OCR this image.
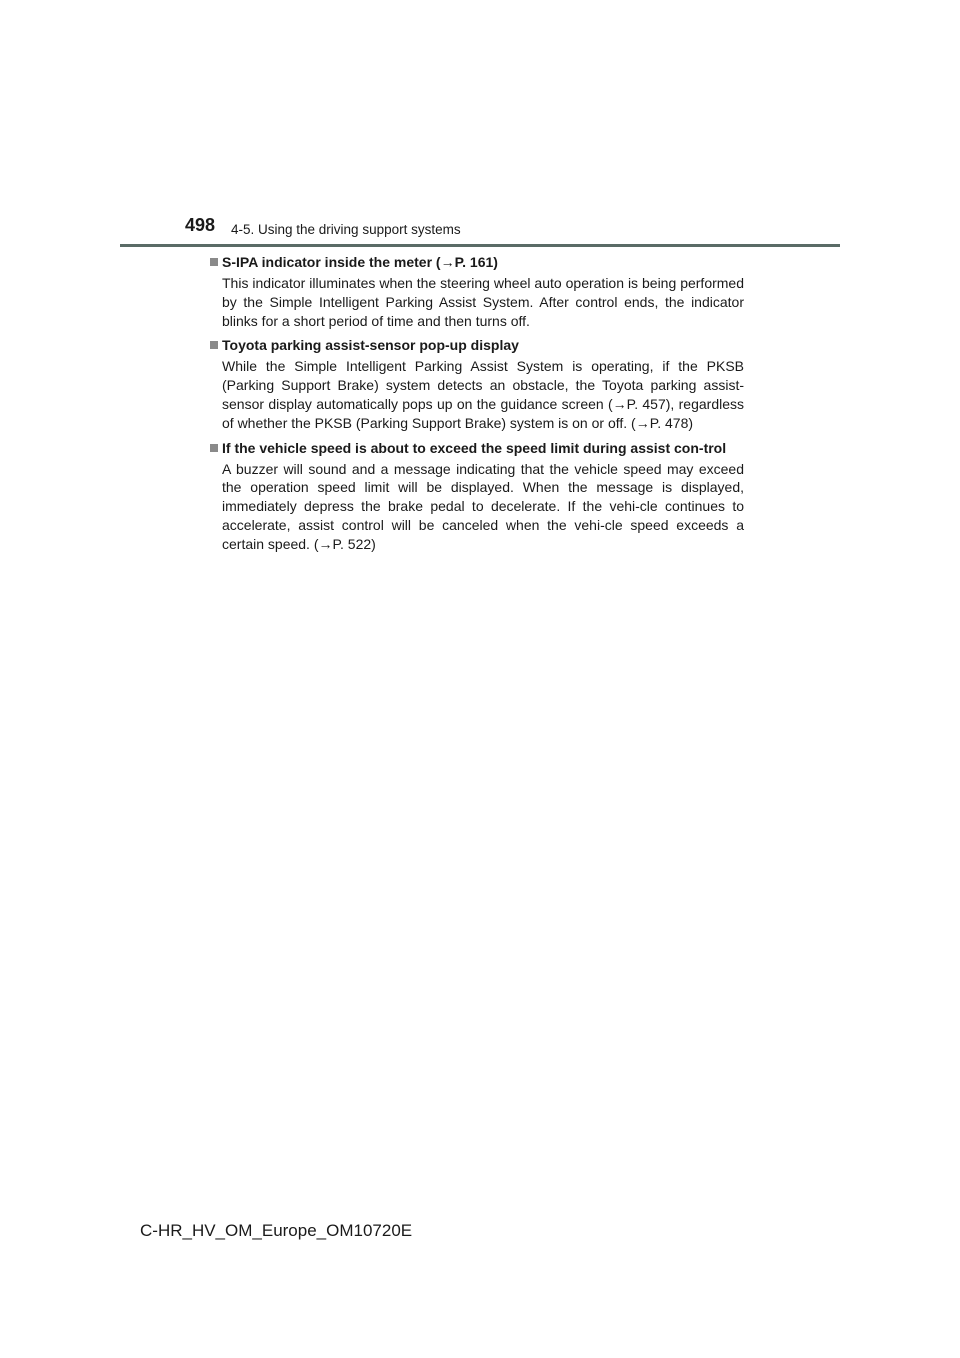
498 4-5. Using the driving support systems
S-IPA indicator inside the meter (→P. 161)
This indicator illuminates when the steering wheel auto operation is being performed by the Simple Intelligent Parking Assist System. After control ends, the indicator blinks for a short period of time and then turns off.
Toyota parking assist-sensor pop-up display
While the Simple Intelligent Parking Assist System is operating, if the PKSB (Parking Support Brake) system detects an obstacle, the Toyota parking assist-sensor display automatically pops up on the guidance screen (→P. 457), regardless of whether the PKSB (Parking Support Brake) system is on or off. (→P. 478)
If the vehicle speed is about to exceed the speed limit during assist con-trol
A buzzer will sound and a message indicating that the vehicle speed may exceed the operation speed limit will be displayed. When the message is displayed, immediately depress the brake pedal to decelerate. If the vehi-cle continues to accelerate, assist control will be canceled when the vehi-cle speed exceeds a certain speed. (→P. 522)
C-HR_HV_OM_Europe_OM10720E
